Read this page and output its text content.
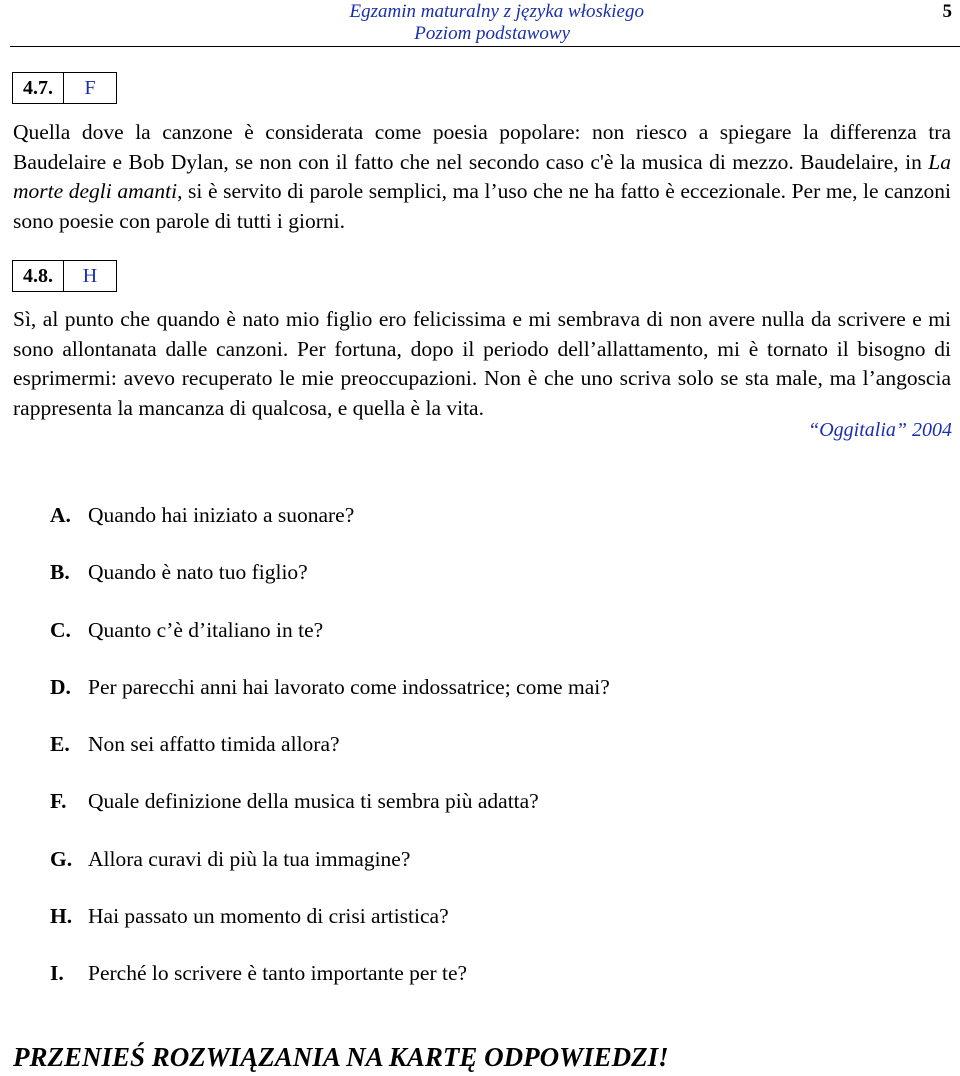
Egzamin maturalny z języka włoskiego
Poziom podstawowy
5
4.7.	F

Quella dove la canzone è considerata come poesia popolare: non riesco a spiegare la differenza tra Baudelaire e Bob Dylan, se non con il fatto che nel secondo caso c'è la musica di mezzo. Baudelaire, in La morte degli amanti, si è servito di parole semplici, ma l’uso che ne ha fatto è eccezionale. Per me, le canzoni sono poesie con parole di tutti i giorni.

4.8.	H

Sì, al punto che quando è nato mio figlio ero felicissima e mi sembrava di non avere nulla da scrivere e mi sono allontanata dalle canzoni. Per fortuna, dopo il periodo dell’allattamento, mi è tornato il bisogno di esprimermi: avevo recuperato le mie preoccupazioni. Non è che uno scriva solo se sta male, ma l’angoscia rappresenta la mancanza di qualcosa, e quella è la vita.

“Oggitalia” 2004
A. Quando hai iniziato a suonare?
B. Quando è nato tuo figlio?
C. Quanto c’è d’italiano in te?
D. Per parecchi anni hai lavorato come indossatrice; come mai?
E. Non sei affatto timida allora?
F. Quale definizione della musica ti sembra più adatta?
G. Allora curavi di più la tua immagine?
H. Hai passato un momento di crisi artistica?
I. Perché lo scrivere è tanto importante per te?
PRZENIEŚ ROZWIĄZANIA NA KARTĘ ODPOWIEDZI!
